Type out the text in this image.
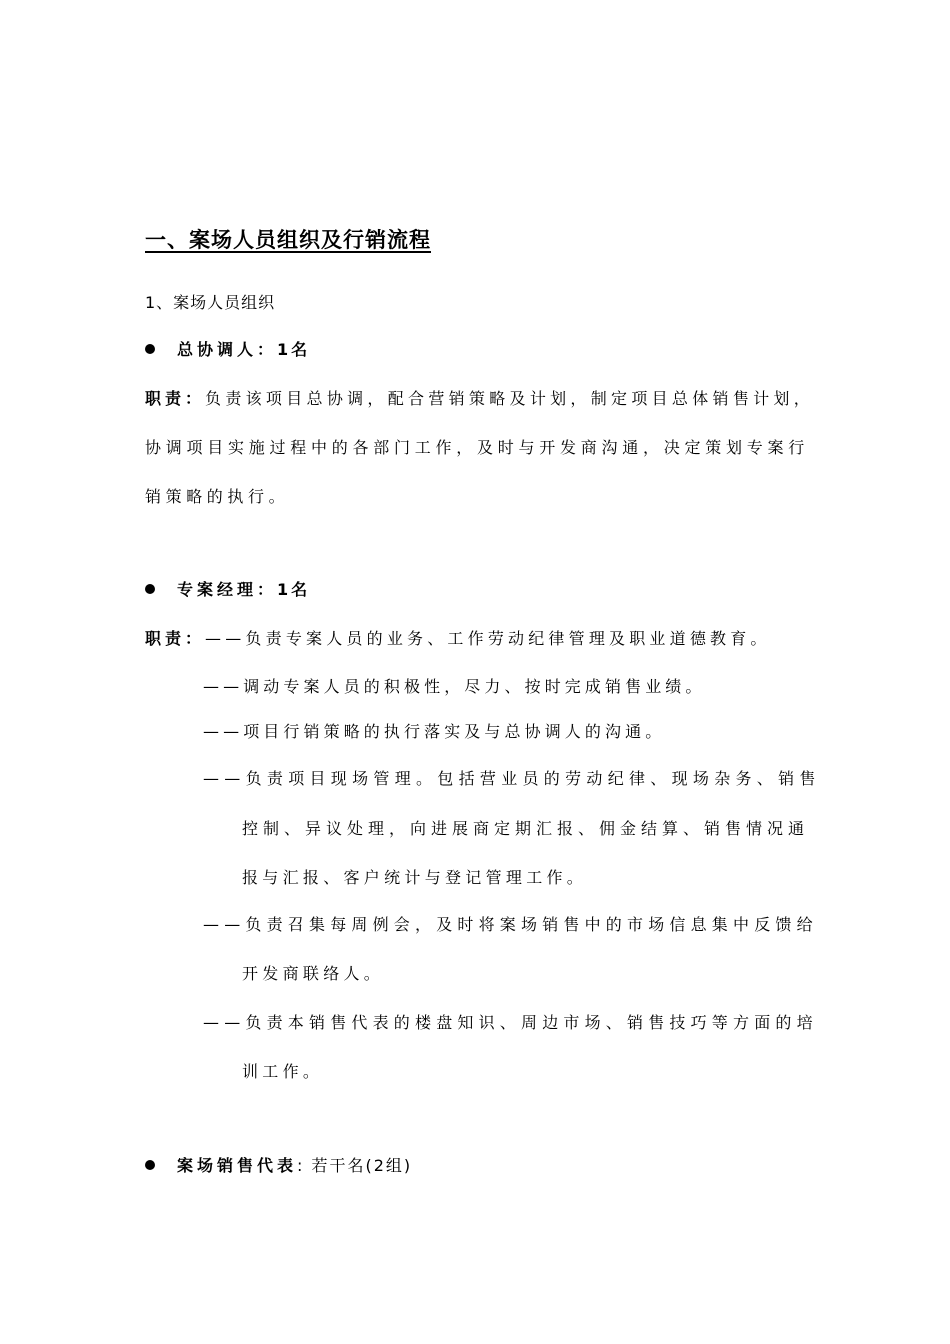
一、案场人员组织及行销流程
1、案场人员组织
总协调人：1名
职责：负责该项目总协调，配合营销策略及计划，制定项目总体销售计划，
协调项目实施过程中的各部门工作，及时与开发商沟通，决定策划专案行
销策略的执行。
专案经理：1名
职责：——负责专案人员的业务、工作劳动纪律管理及职业道德教育。
——调动专案人员的积极性，尽力、按时完成销售业绩。
——项目行销策略的执行落实及与总协调人的沟通。
——负责项目现场管理。包括营业员的劳动纪律、现场杂务、销售
控制、异议处理，向进展商定期汇报、佣金结算、销售情况通
报与汇报、客户统计与登记管理工作。
——负责召集每周例会，及时将案场销售中的市场信息集中反馈给
开发商联络人。
——负责本销售代表的楼盘知识、周边市场、销售技巧等方面的培
训工作。
案场销售代表: 若干名(2组)
